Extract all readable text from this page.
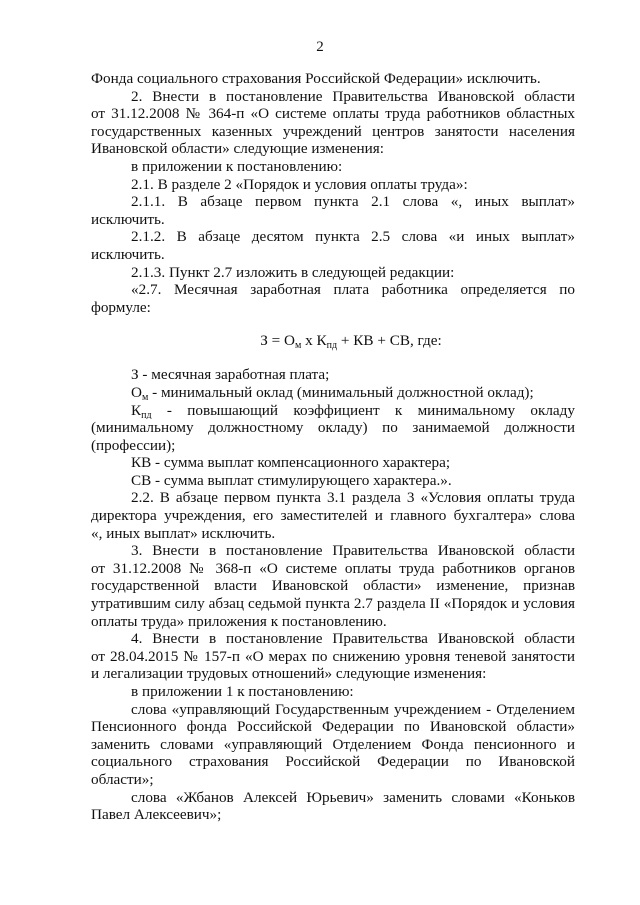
2
Фонда социального страхования Российской Федерации» исключить.
2. Внести в постановление Правительства Ивановской области
от 31.12.2008 № 364-п «О системе оплаты труда работников областных
государственных казенных учреждений центров занятости населения
Ивановской области» следующие изменения:
в приложении к постановлению:
2.1. В разделе 2 «Порядок и условия оплаты труда»:
2.1.1. В абзаце первом пункта 2.1 слова «, иных выплат»
исключить.
2.1.2. В абзаце десятом пункта 2.5 слова «и иных выплат»
исключить.
2.1.3. Пункт 2.7 изложить в следующей редакции:
«2.7. Месячная заработная плата работника определяется по
формуле:
$З = О_м$ х $К_{пд}$ + КВ + СВ, где:
З - месячная заработная плата;
$О_м$ - минимальный оклад (минимальный должностной оклад);
$К_{пд}$ - повышающий коэффициент к минимальному окладу
(минимальному должностному окладу) по занимаемой должности
(профессии);
КВ - сумма выплат компенсационного характера;
СВ - сумма выплат стимулирующего характера.».
2.2. В абзаце первом пункта 3.1 раздела 3 «Условия оплаты труда
директора учреждения, его заместителей и главного бухгалтера» слова
«, иных выплат» исключить.
3. Внести в постановление Правительства Ивановской области
от 31.12.2008 № 368-п «О системе оплаты труда работников органов
государственной власти Ивановской области» изменение, признав
утратившим силу абзац седьмой пункта 2.7 раздела II «Порядок и условия
оплаты труда» приложения к постановлению.
4. Внести в постановление Правительства Ивановской области
от 28.04.2015 № 157-п «О мерах по снижению уровня теневой занятости
и легализации трудовых отношений» следующие изменения:
в приложении 1 к постановлению:
слова «управляющий Государственным учреждением - Отделением
Пенсионного фонда Российской Федерации по Ивановской области»
заменить словами «управляющий Отделением Фонда пенсионного и
социального страхования Российской Федерации по Ивановской
области»;
слова «Жбанов Алексей Юрьевич» заменить словами «Коньков
Павел Алексеевич»;
